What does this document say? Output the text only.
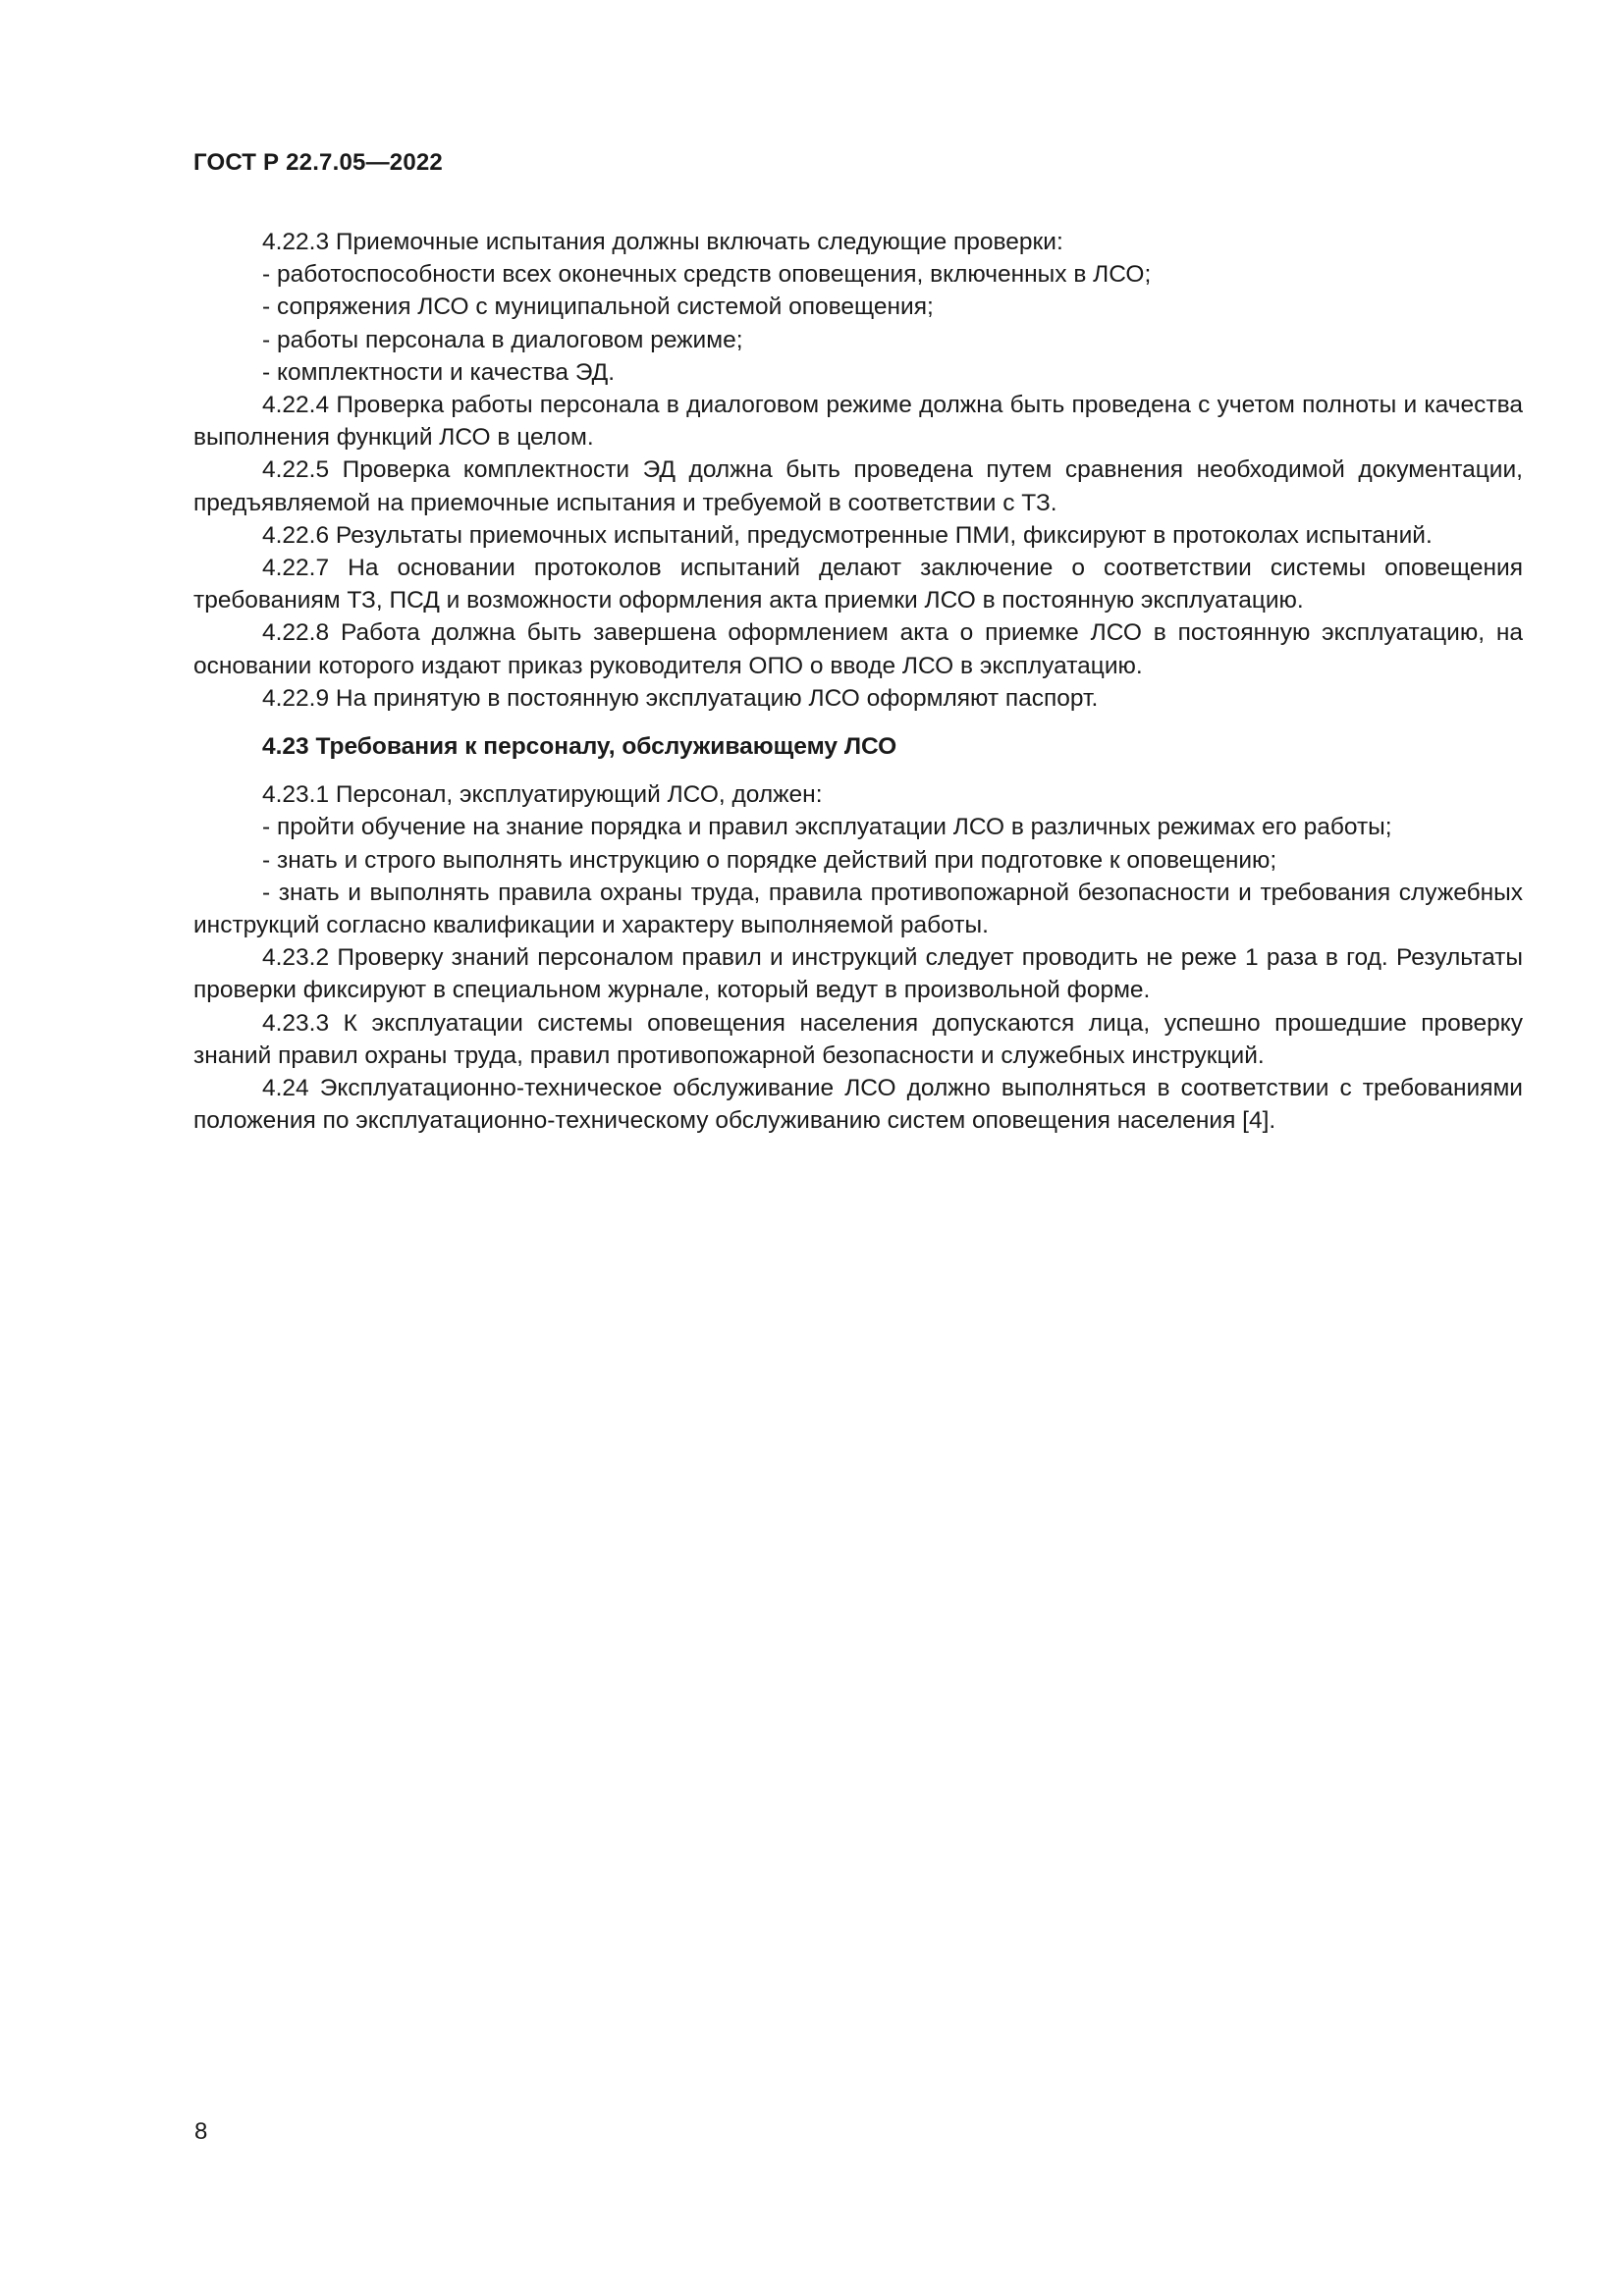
ГОСТ Р 22.7.05—2022

4.22.3 Приемочные испытания должны включать следующие проверки:

- работоспособности всех оконечных средств оповещения, включенных в ЛСО;

- сопряжения ЛСО с муниципальной системой оповещения;

- работы персонала в диалоговом режиме;

- комплектности и качества ЭД.

4.22.4 Проверка работы персонала в диалоговом режиме должна быть проведена с учетом полноты и качества выполнения функций ЛСО в целом.

4.22.5 Проверка комплектности ЭД должна быть проведена путем сравнения необходимой документации, предъявляемой на приемочные испытания и требуемой в соответствии с ТЗ.

4.22.6 Результаты приемочных испытаний, предусмотренные ПМИ, фиксируют в протоколах испытаний.

4.22.7 На основании протоколов испытаний делают заключение о соответствии системы оповещения требованиям ТЗ, ПСД и возможности оформления акта приемки ЛСО в постоянную эксплуатацию.

4.22.8 Работа должна быть завершена оформлением акта о приемке ЛСО в постоянную эксплуатацию, на основании которого издают приказ руководителя ОПО о вводе ЛСО в эксплуатацию.

4.22.9 На принятую в постоянную эксплуатацию ЛСО оформляют паспорт.

4.23 Требования к персоналу, обслуживающему ЛСО

4.23.1 Персонал, эксплуатирующий ЛСО, должен:

- пройти обучение на знание порядка и правил эксплуатации ЛСО в различных режимах его работы;

- знать и строго выполнять инструкцию о порядке действий при подготовке к оповещению;

- знать и выполнять правила охраны труда, правила противопожарной безопасности и требования служебных инструкций согласно квалификации и характеру выполняемой работы.

4.23.2 Проверку знаний персоналом правил и инструкций следует проводить не реже 1 раза в год. Результаты проверки фиксируют в специальном журнале, который ведут в произвольной форме.

4.23.3 К эксплуатации системы оповещения населения допускаются лица, успешно прошедшие проверку знаний правил охраны труда, правил противопожарной безопасности и служебных инструкций.

4.24 Эксплуатационно-техническое обслуживание ЛСО должно выполняться в соответствии с требованиями положения по эксплуатационно-техническому обслуживанию систем оповещения населения [4].

8
